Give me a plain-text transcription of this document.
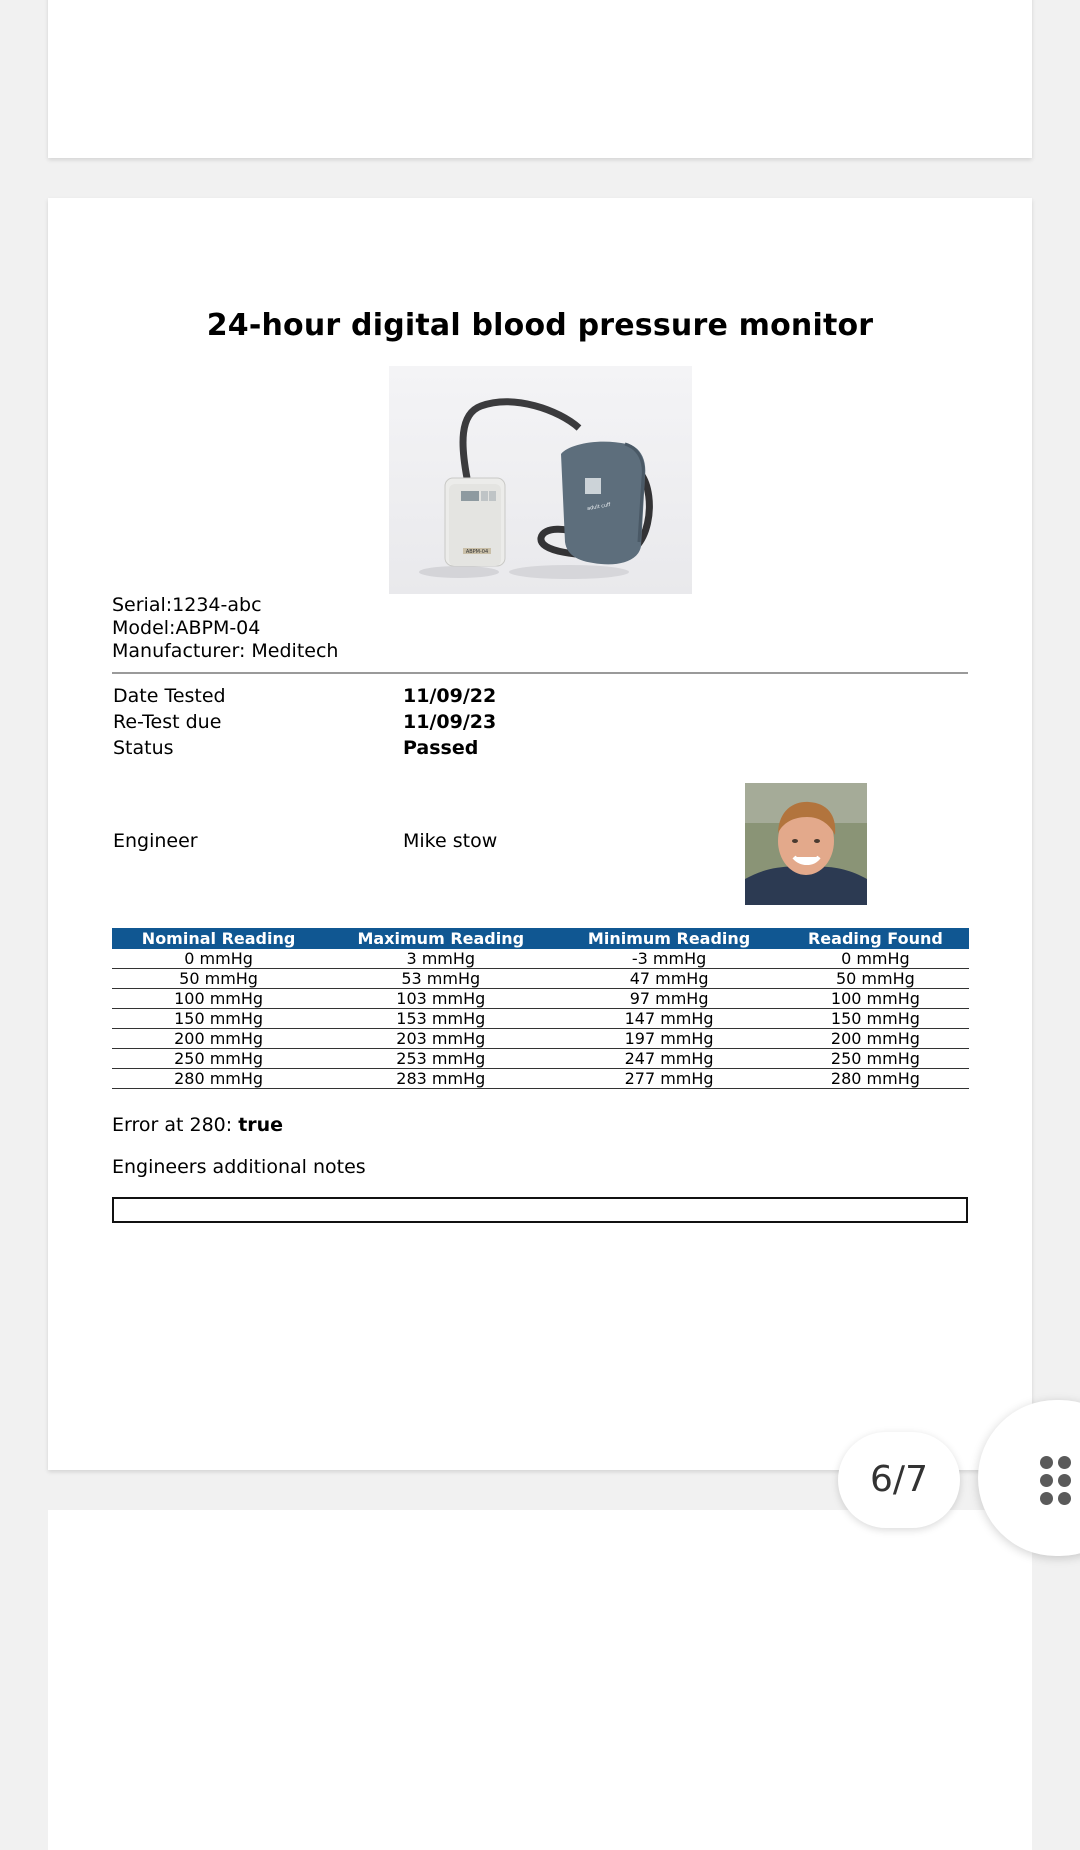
24-hour digital blood pressure monitor
ABPM-04
adult cuff
Serial:1234-abc
Model:ABPM-04
Manufacturer: Meditech
Date Tested	11/09/22
Re-Test due	11/09/23
Status	Passed
Engineer	Mike stow
Nominal Reading	Maximum Reading	Minimum Reading	Reading Found
0 mmHg	3 mmHg	-3 mmHg	0 mmHg
50 mmHg	53 mmHg	47 mmHg	50 mmHg
100 mmHg	103 mmHg	97 mmHg	100 mmHg
150 mmHg	153 mmHg	147 mmHg	150 mmHg
200 mmHg	203 mmHg	197 mmHg	200 mmHg
250 mmHg	253 mmHg	247 mmHg	250 mmHg
280 mmHg	283 mmHg	277 mmHg	280 mmHg
Error at 280: true
Engineers additional notes
6/7
